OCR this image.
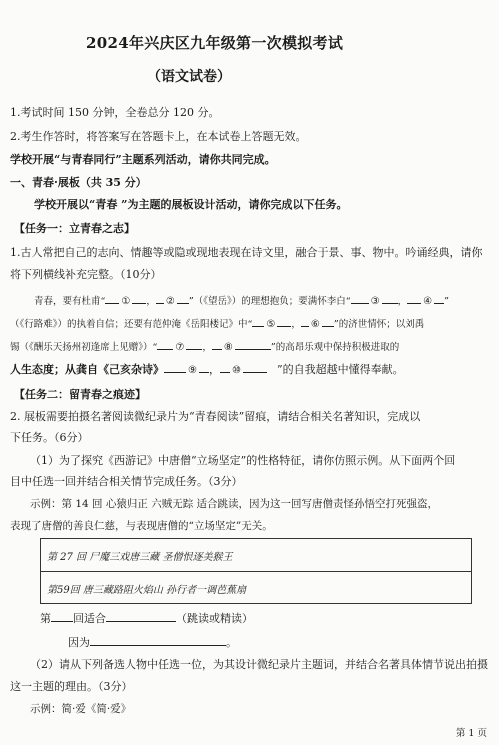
2024年兴庆区九年级第一次模拟考试
（语文试卷）
1.考试时间 150 分钟，全卷总分 120 分。
2.考生作答时，将答案写在答题卡上，在本试卷上答题无效。
学校开展“与青春同行”主题系列活动，请你共同完成。
一、青春·展板（共 35 分）
学校开展以“青春 ”为主题的展板设计活动，请你完成以下任务。
【任务一：立青春之志】
1.古人常把自己的志向、情趣等或隐或现地表现在诗文里，融合于景、事、物中。吟诵经典，请你
将下列横线补充完整。（10分）
青春，要有杜甫“ ① ， ② ”（《望岳》）的理想抱负；要满怀李白“ ③ ， ④ ”
（《行路难》）的执着自信；还要有范仲淹《岳阳楼记》中“ ⑤ ， ⑥ ”的济世情怀；以刘禹
锡（《酬乐天扬州初逢席上见赠》）“ ⑦ ， ⑧	”的高昂乐观中保持积极进取的
人生态度；从龚自《己亥杂诗》 ⑨ ， ⑩	”的自我超越中懂得奉献。
【任务二：留青春之痕迹】
2. 展板需要拍摄名著阅读微纪录片为“青春阅读”留痕，请结合相关名著知识，完成以
下任务。（6分）
（1）为了探究《西游记》中唐僧“立场坚定”的性格特征，请你仿照示例。从下面两个回
目中任选一回并结合相关情节完成任务。（3分）
示例：第 14 回 心猿归正 六贼无踪 适合跳读，因为这一回写唐僧责怪孙悟空打死强盗，
第 27 回 尸魔三戏唐三藏 圣僧恨逐美猴王
第59回 唐三藏路阻火焰山 孙行者一调芭蕉扇
表现了唐僧的善良仁慈，与表现唐僧的“立场坚定”无关。
第 回适合	（跳读或精读）
因为	。
（2）请从下列备选人物中任选一位，为其设计微纪录片主题词，并结合名著具体情节说出拍摄
这一主题的理由。（3分）
示例：简·爱《简·爱》
第 1 页
